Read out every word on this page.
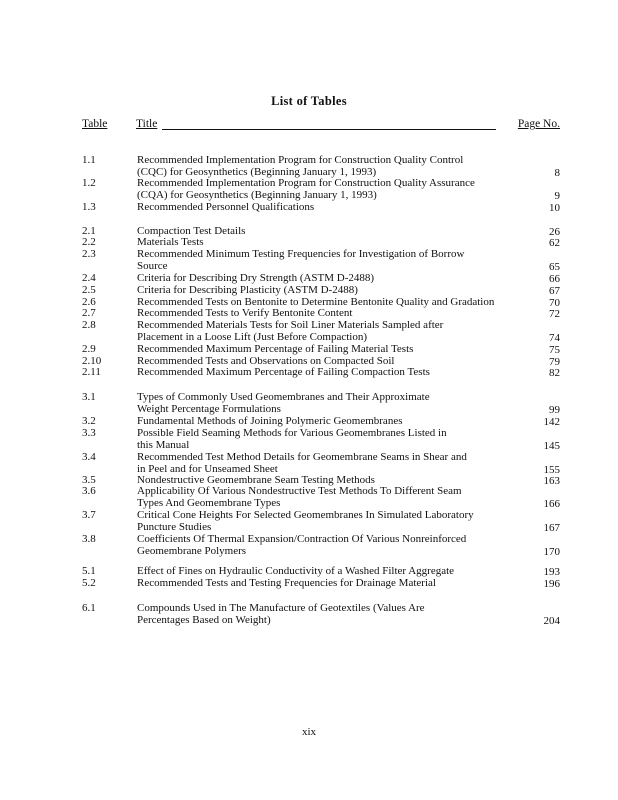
List of Tables
Table Title	Page No.
1.1	Recommended Implementation Program for Construction Quality Control
(CQC) for Geosynthetics (Beginning January 1, 1993)	8
1.2	Recommended Implementation Program for Construction Quality Assurance
(CQA) for Geosynthetics (Beginning January 1, 1993)	9
1.3	Recommended Personnel Qualifications	10
2.1	Compaction Test Details	26
2.2	Materials Tests	62
2.3	Recommended Minimum Testing Frequencies for Investigation of Borrow
Source	65
2.4	Criteria for Describing Dry Strength (ASTM D-2488)	66
2.5	Criteria for Describing Plasticity (ASTM D-2488)	67
2.6	Recommended Tests on Bentonite to Determine Bentonite Quality and Gradation	70
2.7	Recommended Tests to Verify Bentonite Content	72
2.8	Recommended Materials Tests for Soil Liner Materials Sampled after
Placement in a Loose Lift (Just Before Compaction)	74
2.9	Recommended Maximum Percentage of Failing Material Tests	75
2.10	Recommended Tests and Observations on Compacted Soil	79
2.11	Recommended Maximum Percentage of Failing Compaction Tests	82
3.1	Types of Commonly Used Geomembranes and Their Approximate
Weight Percentage Formulations	99
3.2	Fundamental Methods of Joining Polymeric Geomembranes	142
3.3	Possible Field Seaming Methods for Various Geomembranes Listed in
this Manual	145
3.4	Recommended Test Method Details for Geomembrane Seams in Shear and
in Peel and for Unseamed Sheet	155
3.5	Nondestructive Geomembrane Seam Testing Methods	163
3.6	Applicability Of Various Nondestructive Test Methods To Different Seam
Types And Geomembrane Types	166
3.7	Critical Cone Heights For Selected Geomembranes In Simulated Laboratory
Puncture Studies	167
3.8	Coefficients Of Thermal Expansion/Contraction Of Various Nonreinforced
Geomembrane Polymers	170
5.1	Effect of Fines on Hydraulic Conductivity of a Washed Filter Aggregate	193
5.2	Recommended Tests and Testing Frequencies for Drainage Material	196
6.1	Compounds Used in The Manufacture of Geotextiles (Values Are
Percentages Based on Weight)	204
xix
